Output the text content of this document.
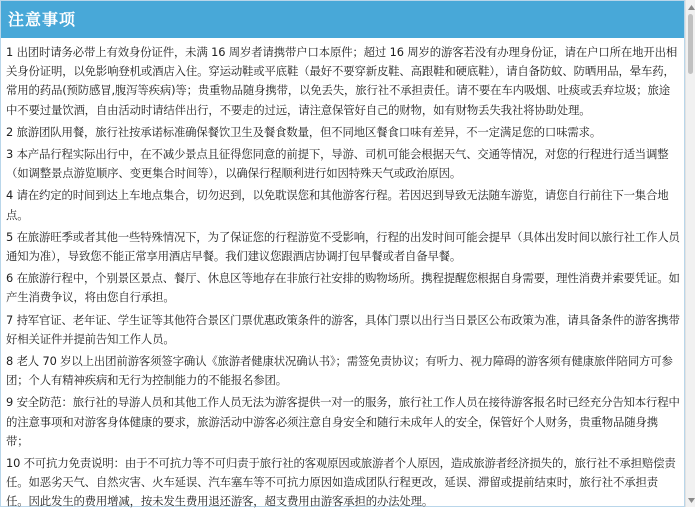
注意事项

1 出团时请务必带上有效身份证件，未满 16 周岁者请携带户口本原件；超过 16 周岁的游客若没有办理身份证，请在户口所在地开出相关身份证明，以免影响登机或酒店入住。穿运动鞋或平底鞋（最好不要穿新皮鞋、高跟鞋和硬底鞋），请自备防蚊、防晒用品，晕车药，常用的药品(预防感冒,腹泻等疾病)等；贵重物品随身携带，以免丢失，旅行社不承担责任。请不要在车内吸烟、吐痰或丢弃垃圾；旅途中不要过量饮酒，自由活动时请结伴出行，不要走的过远，请注意保管好自己的财物，如有财物丢失我社将协助处理。

2 旅游团队用餐，旅行社按承诺标准确保餐饮卫生及餐食数量，但不同地区餐食口味有差异，不一定满足您的口味需求。

3 本产品行程实际出行中，在不减少景点且征得您同意的前提下，导游、司机可能会根据天气、交通等情况，对您的行程进行适当调整（如调整景点游览顺序、变更集合时间等），以确保行程顺利进行如因特殊天气或政治原因。

4 请在约定的时间到达上车地点集合，切勿迟到，以免耽误您和其他游客行程。若因迟到导致无法随车游览，请您自行前往下一集合地点。

5 在旅游旺季或者其他一些特殊情况下，为了保证您的行程游览不受影响，行程的出发时间可能会提早（具体出发时间以旅行社工作人员通知为准），导致您不能正常享用酒店早餐。我们建议您跟酒店协调打包早餐或者自备早餐。

6 在旅游行程中，个别景区景点、餐厅、休息区等地存在非旅行社安排的购物场所。携程提醒您根据自身需要，理性消费并索要凭证。如产生消费争议，将由您自行承担。

7 持军官证、老年证、学生证等其他符合景区门票优惠政策条件的游客，具体门票以出行当日景区公布政策为准，请具备条件的游客携带好相关证件并提前告知工作人员。

8 老人 70 岁以上出团前游客须签字确认《旅游者健康状况确认书》；需签免责协议；有听力、视力障碍的游客须有健康旅伴陪同方可参团；个人有精神疾病和无行为控制能力的不能报名参团。

9 安全防范：旅行社的导游人员和其他工作人员无法为游客提供一对一的服务，旅行社工作人员在接待游客报名时已经充分告知本行程中的注意事项和对游客身体健康的要求，旅游活动中游客必须注意自身安全和随行未成年人的安全，保管好个人财务，贵重物品随身携带；

10 不可抗力免责说明：由于不可抗力等不可归责于旅行社的客观原因或旅游者个人原因，造成旅游者经济损失的，旅行社不承担赔偿责任。如恶劣天气、自然灾害、火车延误、汽车塞车等不可抗力原因如造成团队行程更改，延误、滞留或提前结束时，旅行社不承担责任。因此发生的费用增减，按未发生费用退还游客，超支费用由游客承担的办法处理。
